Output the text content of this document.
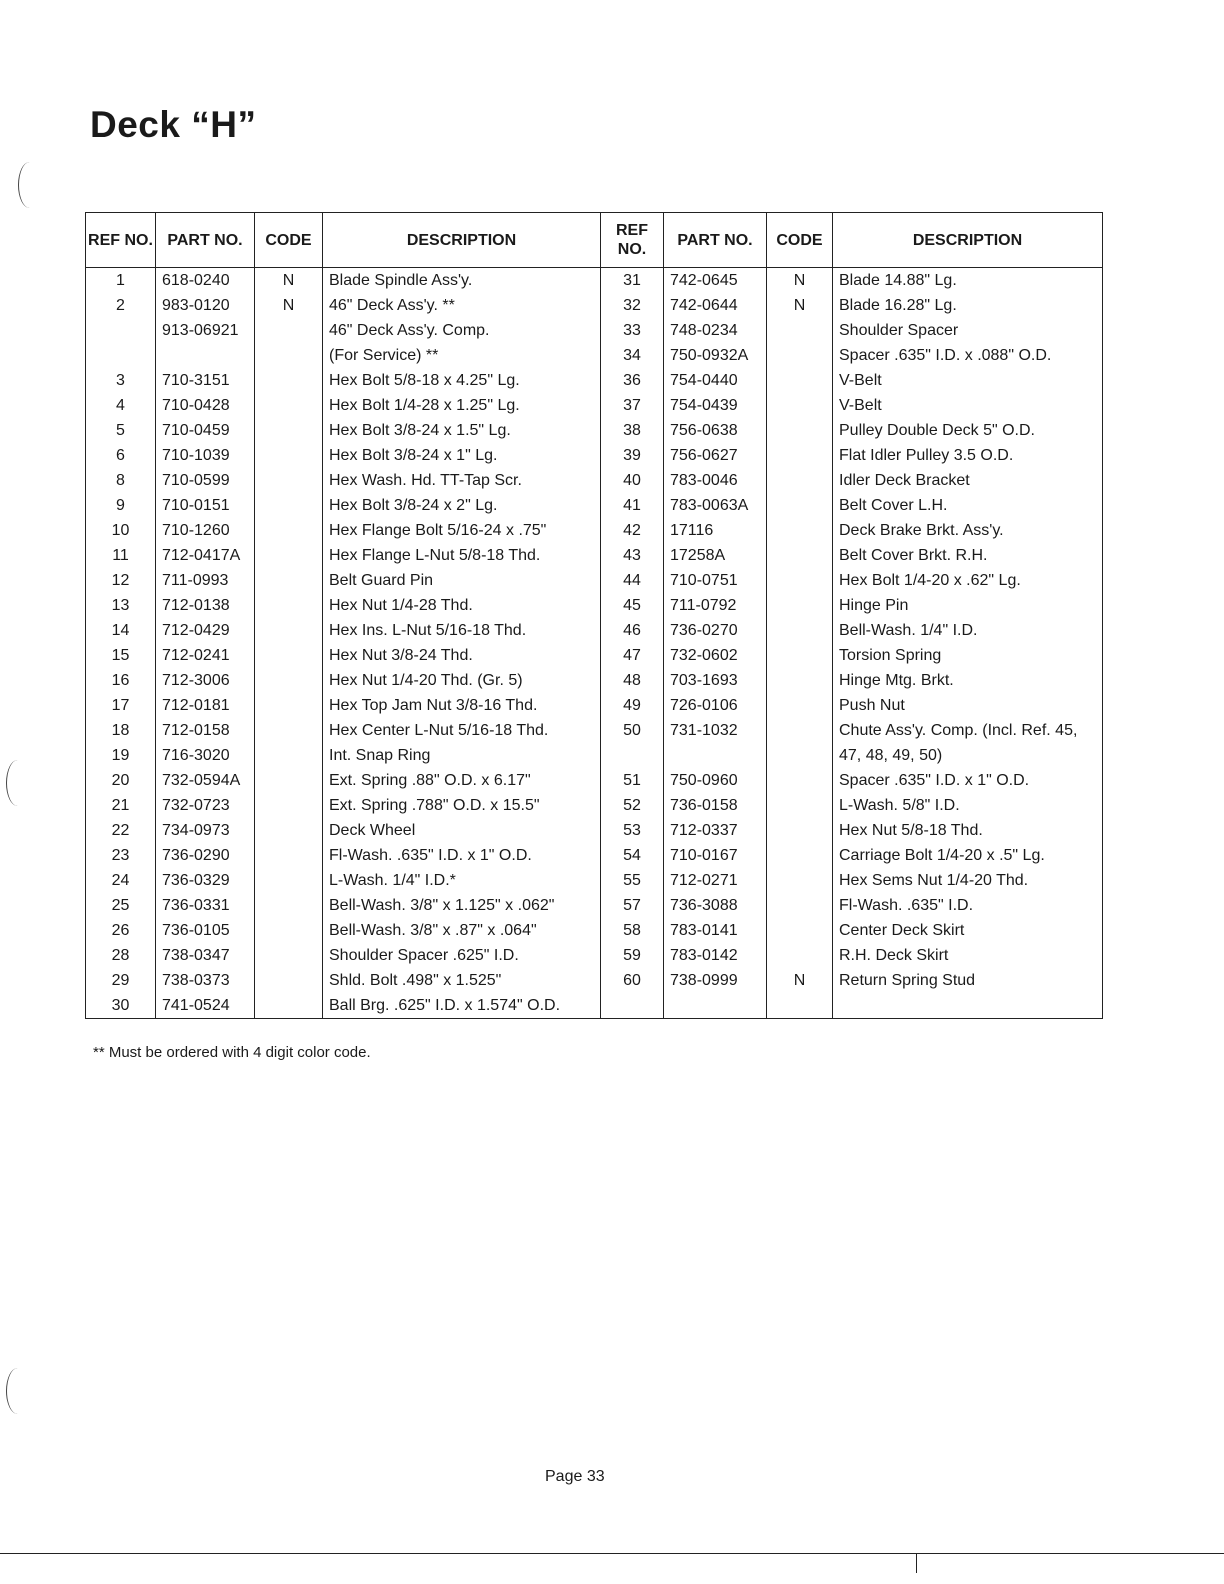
Deck “H”
REF NO.	PART NO.	CODE	DESCRIPTION	REF NO.	PART NO.	CODE	DESCRIPTION
1	618-0240	N	Blade Spindle Ass'y.	31	742-0645	N	Blade 14.88" Lg.
2	983-0120	N	46" Deck Ass'y. **	32	742-0644	N	Blade 16.28" Lg.
	913-06921		46" Deck Ass'y. Comp.	33	748-0234		Shoulder Spacer
			(For Service) **	34	750-0932A		Spacer .635" I.D. x .088" O.D.
3	710-3151		Hex Bolt 5/8-18 x 4.25" Lg.	36	754-0440		V-Belt
4	710-0428		Hex Bolt 1/4-28 x 1.25" Lg.	37	754-0439		V-Belt
5	710-0459		Hex Bolt 3/8-24 x 1.5" Lg.	38	756-0638		Pulley Double Deck 5" O.D.
6	710-1039		Hex Bolt 3/8-24 x 1" Lg.	39	756-0627		Flat Idler Pulley 3.5 O.D.
8	710-0599		Hex Wash. Hd. TT-Tap Scr.	40	783-0046		Idler Deck Bracket
9	710-0151		Hex Bolt 3/8-24 x 2" Lg.	41	783-0063A		Belt Cover L.H.
10	710-1260		Hex Flange Bolt 5/16-24 x .75"	42	17116		Deck Brake Brkt. Ass'y.
11	712-0417A		Hex Flange L-Nut 5/8-18 Thd.	43	17258A		Belt Cover Brkt. R.H.
12	711-0993		Belt Guard Pin	44	710-0751		Hex Bolt 1/4-20 x .62" Lg.
13	712-0138		Hex Nut 1/4-28 Thd.	45	711-0792		Hinge Pin
14	712-0429		Hex Ins. L-Nut 5/16-18 Thd.	46	736-0270		Bell-Wash. 1/4" I.D.
15	712-0241		Hex Nut 3/8-24 Thd.	47	732-0602		Torsion Spring
16	712-3006		Hex Nut 1/4-20 Thd. (Gr. 5)	48	703-1693		Hinge Mtg. Brkt.
17	712-0181		Hex Top Jam Nut 3/8-16 Thd.	49	726-0106		Push Nut
18	712-0158		Hex Center L-Nut 5/16-18 Thd.	50	731-1032		Chute Ass'y. Comp. (Incl. Ref. 45,
19	716-3020		Int. Snap Ring				47, 48, 49, 50)
20	732-0594A		Ext. Spring .88" O.D. x 6.17"	51	750-0960		Spacer .635" I.D. x 1" O.D.
21	732-0723		Ext. Spring .788" O.D. x 15.5"	52	736-0158		L-Wash. 5/8" I.D.
22	734-0973		Deck Wheel	53	712-0337		Hex Nut 5/8-18 Thd.
23	736-0290		Fl-Wash. .635" I.D. x 1" O.D.	54	710-0167		Carriage Bolt 1/4-20 x .5" Lg.
24	736-0329		L-Wash. 1/4" I.D.*	55	712-0271		Hex Sems Nut 1/4-20 Thd.
25	736-0331		Bell-Wash. 3/8" x 1.125" x .062"	57	736-3088		Fl-Wash. .635" I.D.
26	736-0105		Bell-Wash. 3/8" x .87" x .064"	58	783-0141		Center Deck Skirt
28	738-0347		Shoulder Spacer .625" I.D.	59	783-0142		R.H. Deck Skirt
29	738-0373		Shld. Bolt .498" x 1.525"	60	738-0999	N	Return Spring Stud
30	741-0524		Ball Brg. .625" I.D. x 1.574" O.D.				

** Must be ordered with 4 digit color code.

Page 33
